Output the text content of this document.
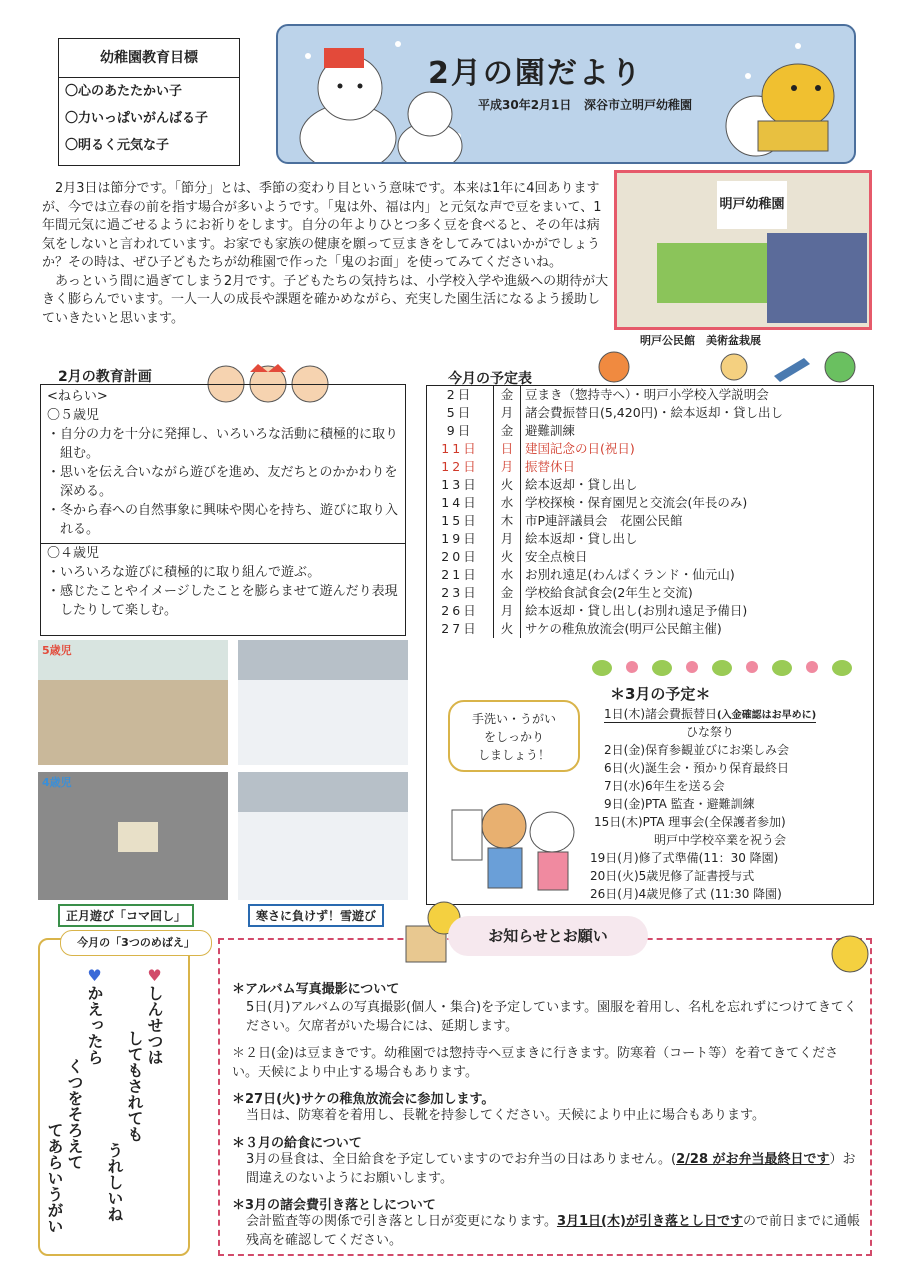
幼稚園教育目標
〇心のあたたかい子
〇力いっぱいがんばる子
〇明るく元気な子
2月の園だより
平成30年2月1日 深谷市立明戸幼稚園

2月3日は節分です。「節分」とは、季節の変わり目という意味です。本来は1年に4回ありますが、今では立春の前を指す場合が多いようです。「鬼は外、福は内」と元気な声で豆をまいて、1年間元気に過ごせるようにお祈りをします。自分の年よりひとつ多く豆を食べると、その年は病気をしないと言われています。お家でも家族の健康を願って豆まきをしてみてはいかがでしょうか？その時は、ぜひ子どもたちが幼稚園で作った「鬼のお面」を使ってみてくださいね。

あっという間に過ぎてしまう2月です。子どもたちの気持ちは、小学校入学や進級への期待が大きく膨らんでいます。一人一人の成長や課題を確かめながら、充実した園生活になるよう援助していきたいと思います。

明戸幼稚園
明戸公民館　美術盆栽展
2月の教育計画
<ねらい>
〇５歳児
・自分の力を十分に発揮し、いろいろな活動に積極的に取り組む。
・思いを伝え合いながら遊びを進め、友だちとのかかわりを深める。
・冬から春への自然事象に興味や関心を持ち、遊びに取り入れる。
〇４歳児
・いろいろな遊びに積極的に取り組んで遊ぶ。
・感じたことやイメージしたことを膨らませて遊んだり表現したりして楽しむ。
今月の予定表
2日	金	豆まき（惣持寺へ）・明戸小学校入学説明会
5日	月	諸会費振替日(5,420円)・絵本返却・貸し出し
9日	金	避難訓練
11日	日	建国記念の日(祝日)
12日	月	振替休日
13日	火	絵本返却・貸し出し
14日	水	学校探検・保育園児と交流会(年長のみ)
15日	木	市P連評議員会　花園公民館
19日	月	絵本返却・貸し出し
20日	火	安全点検日
21日	水	お別れ遠足(わんぱくランド・仙元山)
23日	金	学校給食試食会(2年生と交流)
26日	月	絵本返却・貸し出し(お別れ遠足予備日)
27日	火	サケの稚魚放流会(明戸公民館主催)
＊3月の予定＊
1日(木)諸会費振替日(入金確認はお早めに)
ひな祭り
2日(金)保育参観並びにお楽しみ会
6日(火)誕生会・預かり保育最終日
7日(水)6年生を送る会
9日(金)PTA 監査・避難訓練
15日(木)PTA 理事会(全保護者参加)
明戸中学校卒業を祝う会
19日(月)修了式準備(11：30 降園)
20日(火)5歳児修了証書授与式
26日(月)4歳児修了式 (11:30 降園)
手洗い・うがい
をしっかり
しましょう！
5歳児
4歳児
正月遊び「コマ回し」	寒さに負けず！雪遊び
お知らせとお願い
＊アルバム写真撮影について
5日(月)アルバムの写真撮影(個人・集合)を予定しています。園服を着用し、名札を忘れずにつけてきてください。欠席者がいた場合には、延期します。
＊２日(金)は豆まきです。幼稚園では惣持寺へ豆まきに行きます。防寒着（コート等）を着てきてください。天候により中止する場合もあります。
＊27日(火)サケの稚魚放流会に参加します。
当日は、防寒着を着用し、長靴を持参してください。天候により中止に場合もあります。
＊３月の給食について
3月の昼食は、全日給食を予定していますのでお弁当の日はありません。(2/28 がお弁当最終日です）お間違えのないようにお願いします。
＊3月の諸会費引き落としについて
会計監査等の関係で引き落とし日が変更になります。3月1日(木)が引き落とし日ですので前日までに通帳残高を確認してください。
今月の「3つのめばえ」
♥しんせつは
してもされても
うれしいね
♥かえったら
くつをそろえて
てあらいうがい
